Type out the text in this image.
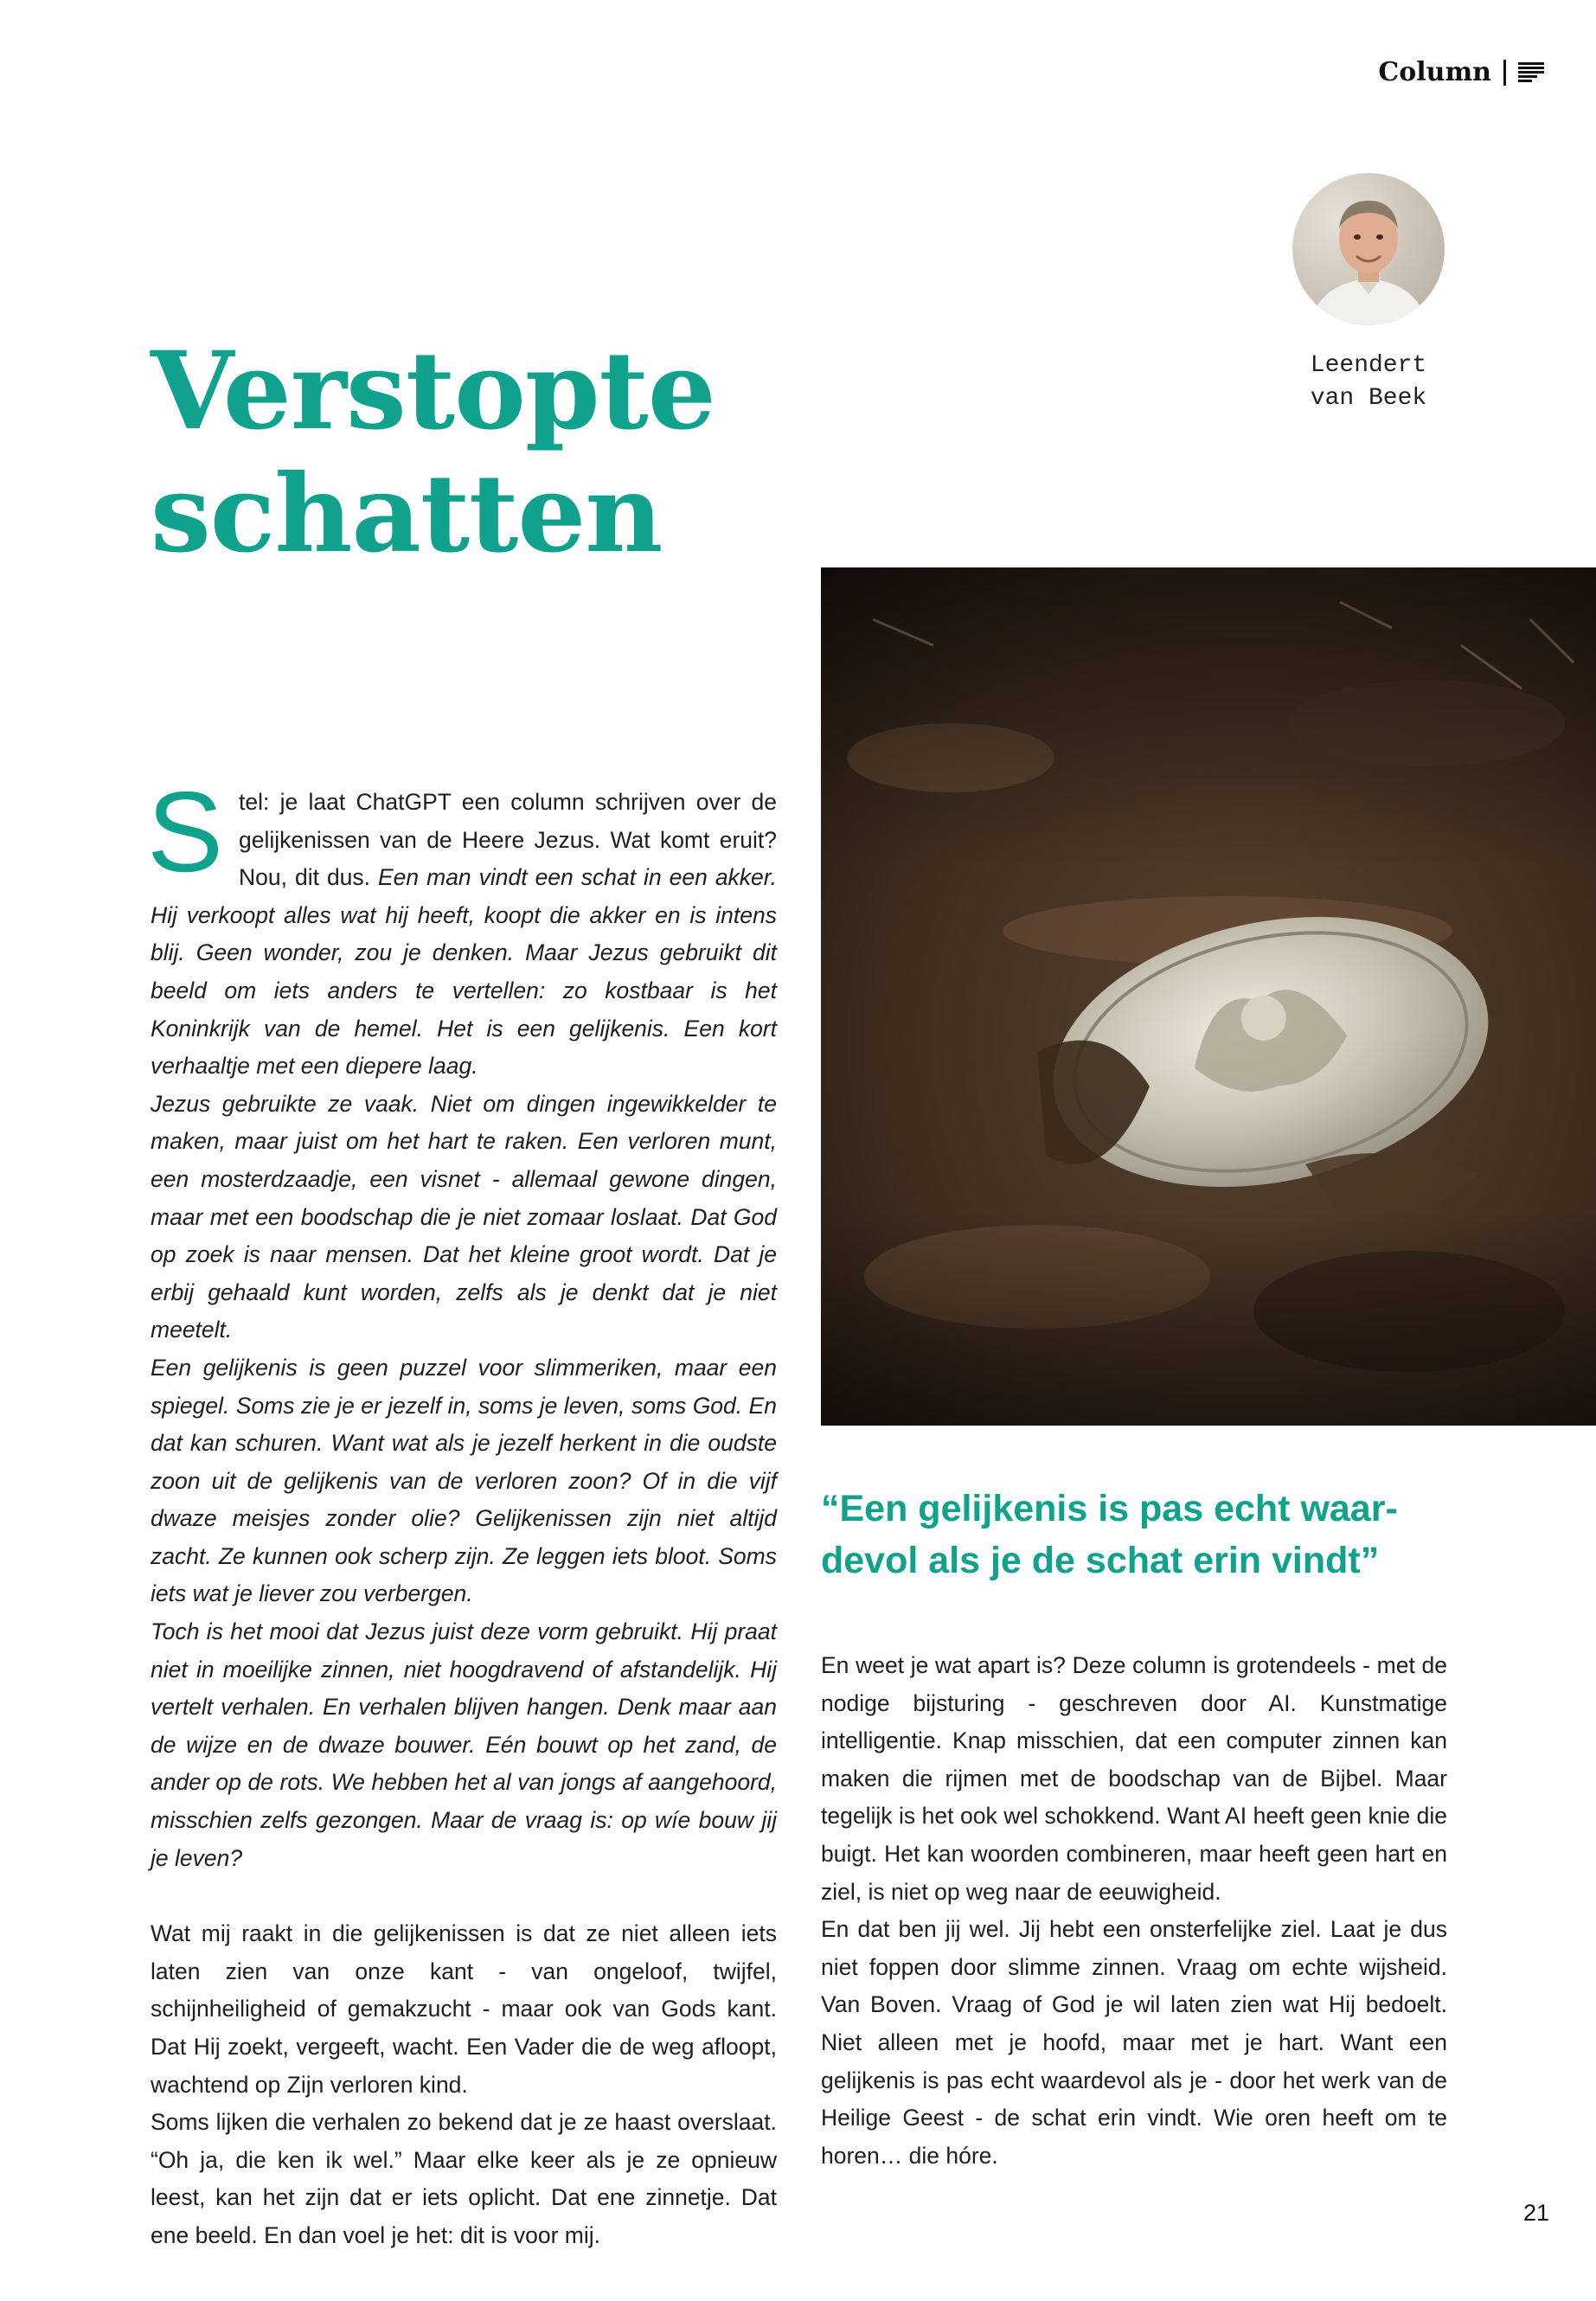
Column
Leendert
van Beek
Verstopte
schatten

Stel: je laat ChatGPT een column schrijven over de gelijkenissen van de Heere Jezus. Wat komt eruit? Nou, dit dus. Een man vindt een schat in een akker. Hij verkoopt alles wat hij heeft, koopt die akker en is intens blij. Geen wonder, zou je denken. Maar Jezus gebruikt dit beeld om iets anders te vertellen: zo kostbaar is het Koninkrijk van de hemel. Het is een gelijkenis. Een kort verhaaltje met een diepere laag.

Jezus gebruikte ze vaak. Niet om dingen ingewikkelder te maken, maar juist om het hart te raken. Een verloren munt, een mosterdzaadje, een visnet - allemaal gewone dingen, maar met een boodschap die je niet zomaar loslaat. Dat God op zoek is naar mensen. Dat het kleine groot wordt. Dat je erbij gehaald kunt worden, zelfs als je denkt dat je niet meetelt.

Een gelijkenis is geen puzzel voor slimmeriken, maar een spiegel. Soms zie je er jezelf in, soms je leven, soms God. En dat kan schuren. Want wat als je jezelf herkent in die oudste zoon uit de gelijkenis van de verloren zoon? Of in die vijf dwaze meisjes zonder olie? Gelijkenissen zijn niet altijd zacht. Ze kunnen ook scherp zijn. Ze leggen iets bloot. Soms iets wat je liever zou verbergen.

Toch is het mooi dat Jezus juist deze vorm gebruikt. Hij praat niet in moeilijke zinnen, niet hoogdravend of afstandelijk. Hij vertelt verhalen. En verhalen blijven hangen. Denk maar aan de wijze en de dwaze bouwer. Eén bouwt op het zand, de ander op de rots. We hebben het al van jongs af aangehoord, misschien zelfs gezongen. Maar de vraag is: op wíe bouw jij je leven?

Wat mij raakt in die gelijkenissen is dat ze niet alleen iets laten zien van onze kant - van ongeloof, twijfel, schijnheiligheid of gemakzucht - maar ook van Gods kant. Dat Hij zoekt, vergeeft, wacht. Een Vader die de weg afloopt, wachtend op Zijn verloren kind.

Soms lijken die verhalen zo bekend dat je ze haast overslaat. “Oh ja, die ken ik wel.” Maar elke keer als je ze opnieuw leest, kan het zijn dat er iets oplicht. Dat ene zinnetje. Dat ene beeld. En dan voel je het: dit is voor mij.

“Een gelijkenis is pas echt waar-
devol als je de schat erin vindt”

En weet je wat apart is? Deze column is grotendeels - met de nodige bijsturing - geschreven door AI. Kunstmatige intelligentie. Knap misschien, dat een computer zinnen kan maken die rijmen met de boodschap van de Bijbel. Maar tegelijk is het ook wel schokkend. Want AI heeft geen knie die buigt. Het kan woorden combineren, maar heeft geen hart en ziel, is niet op weg naar de eeuwigheid.

En dat ben jij wel. Jij hebt een onsterfelijke ziel. Laat je dus niet foppen door slimme zinnen. Vraag om echte wijsheid. Van Boven. Vraag of God je wil laten zien wat Hij bedoelt. Niet alleen met je hoofd, maar met je hart. Want een gelijkenis is pas echt waardevol als je - door het werk van de Heilige Geest - de schat erin vindt. Wie oren heeft om te horen… die hóre.

21
